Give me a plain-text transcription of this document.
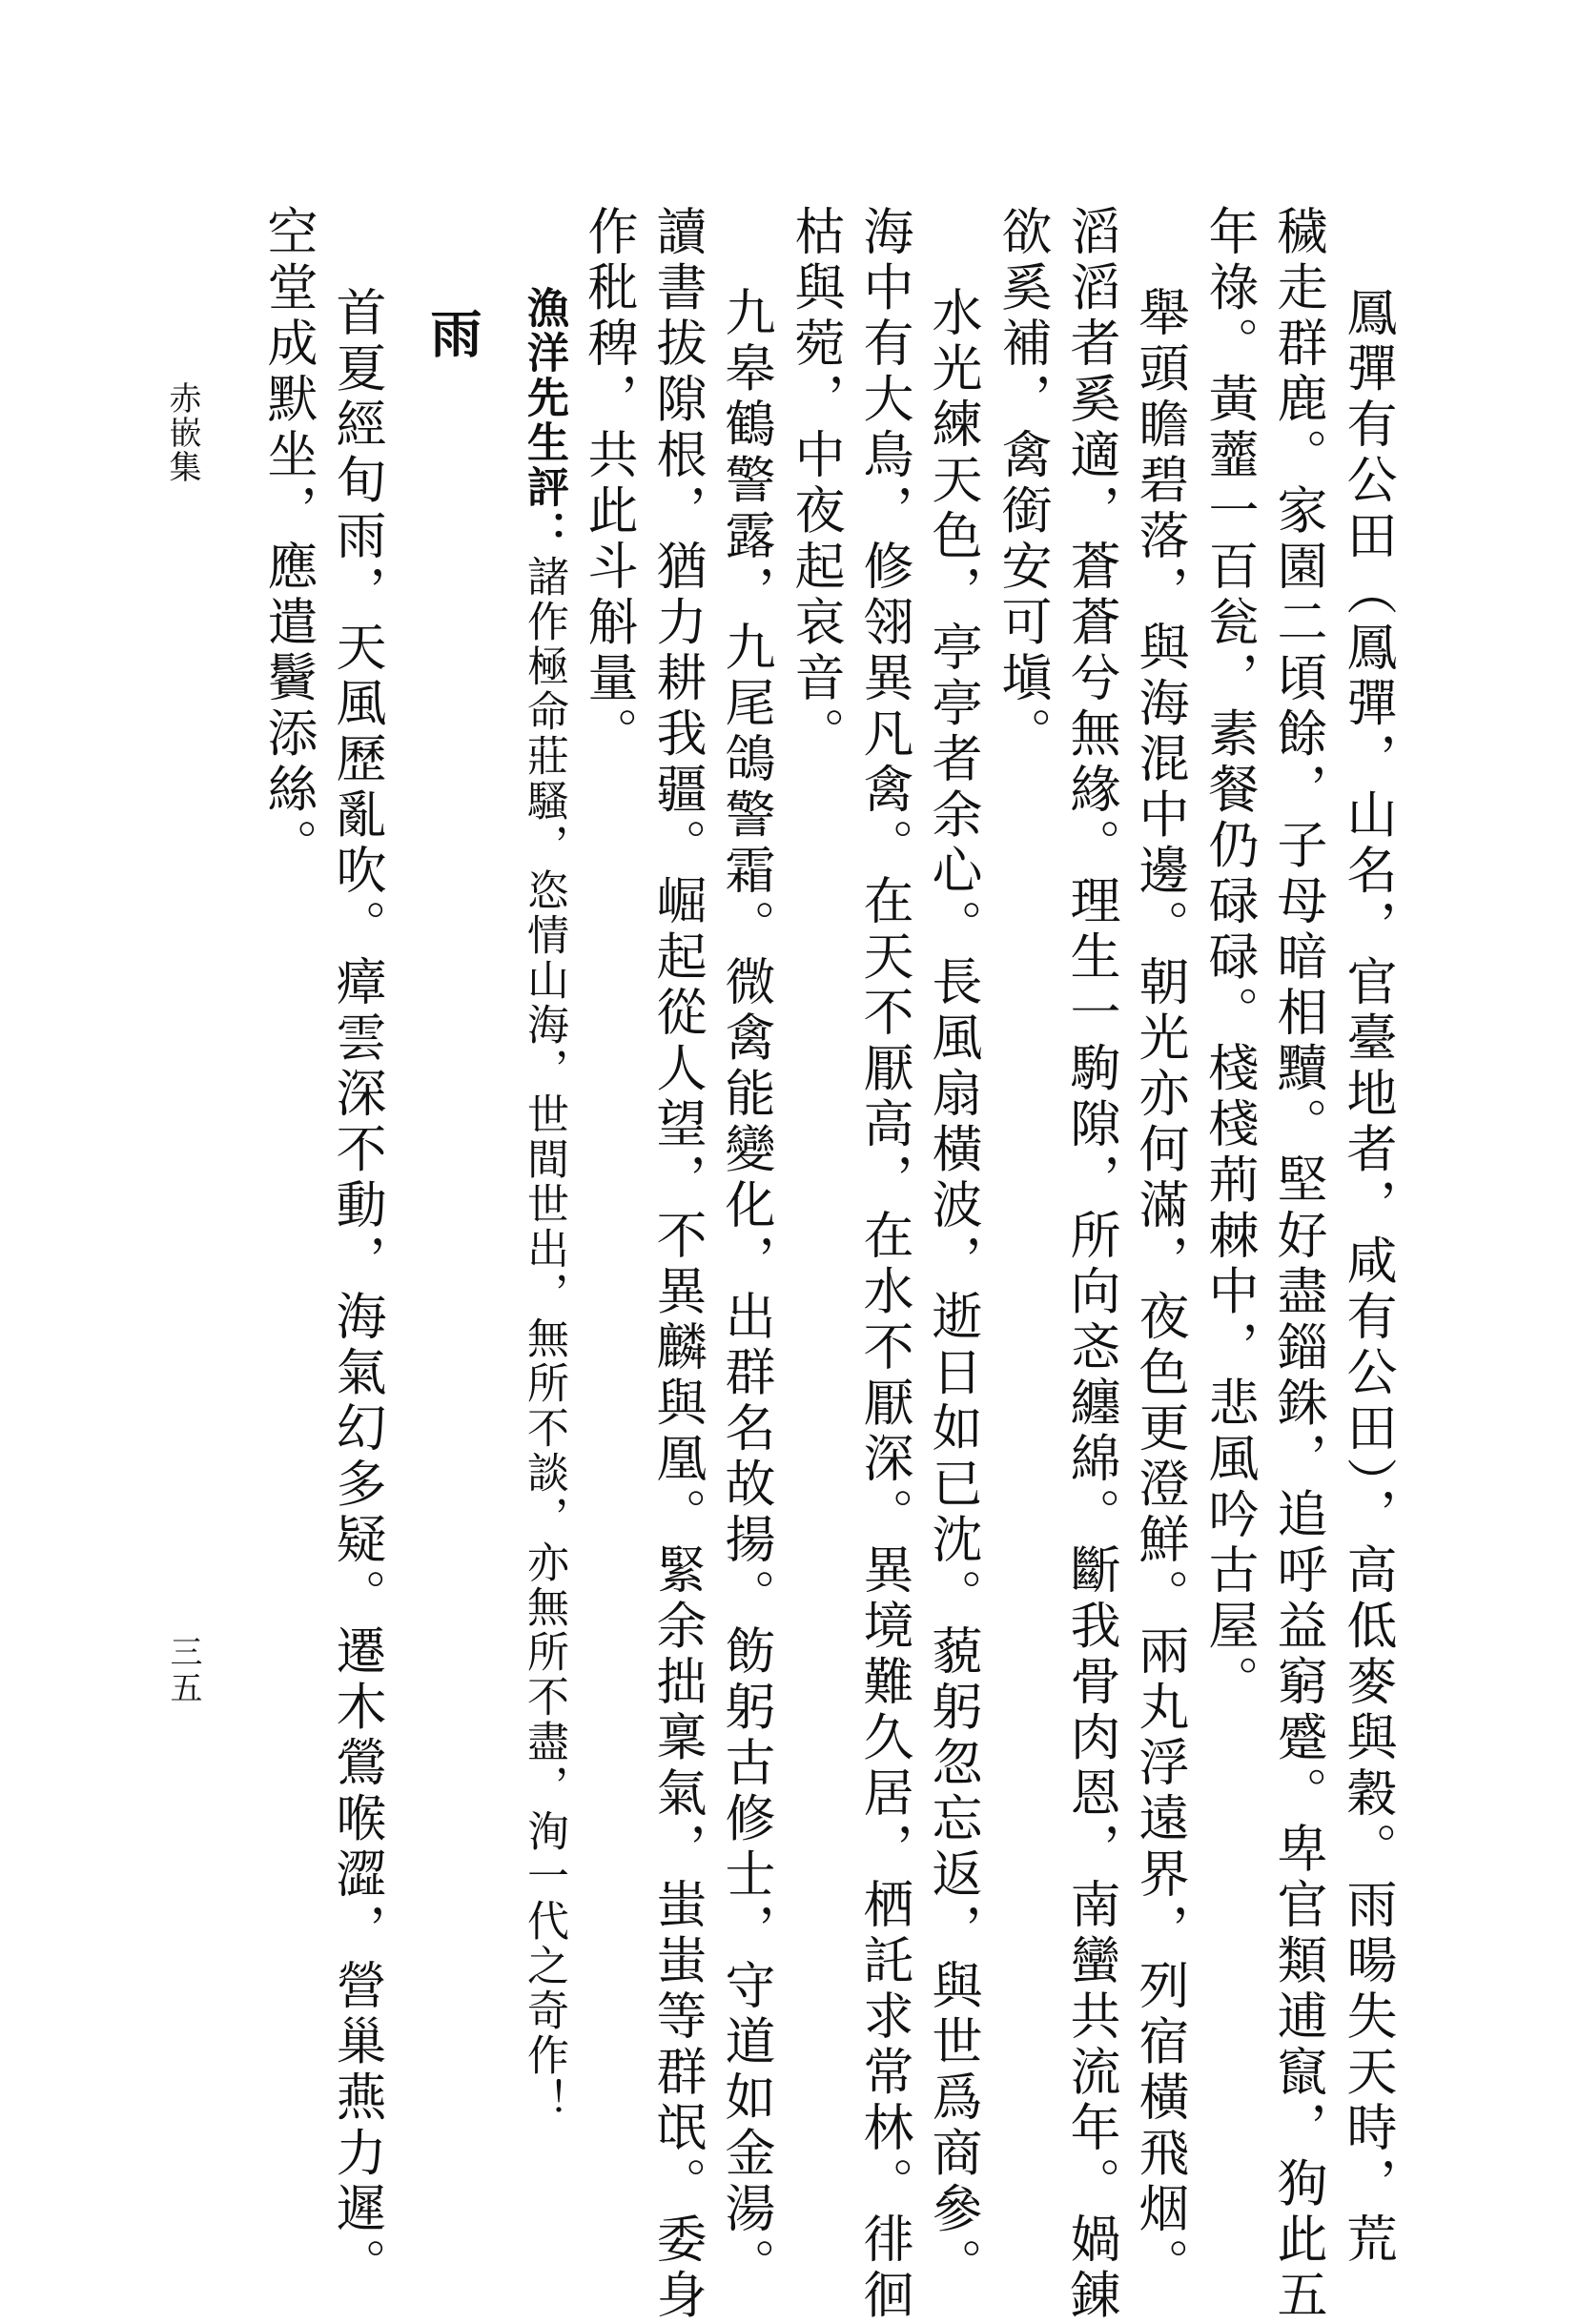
赤嵌集
三五	鳳彈有公田（鳳彈，山名，官臺地者，咸有公田），高低麥與穀。雨暘失天時，荒
穢走群鹿。家園二頃餘，子母暗相黷。堅好盡錙銖，追呼益窮蹙。卑官類逋竄，狗此五
年祿。黃虀一百瓮，素餐仍碌碌。棧棧荊棘中，悲風吟古屋。
舉頭瞻碧落，與海混中邊。朝光亦何滿，夜色更澄鮮。兩丸浮遠界，列宿橫飛烟。
滔滔者奚適，蒼蒼兮無緣。理生一駒隙，所向忞纏綿。斷我骨肉恩，南蠻共流年。媧錬
欲奚補，禽銜安可塡。
水光練天色，亭亭者余心。長風扇橫波，逝日如已沈。藐躬忽忘返，與世爲商參。
海中有大鳥，修翎異凡禽。在天不厭高，在水不厭深。異境難久居，栖託求常林。徘徊
枯與菀，中夜起哀音。
九皋鶴警露，九尾鴿警霜。微禽能變化，出群名故揚。飭躬古修士，守道如金湯。
讀書拔隙根，猶力耕我疆。崛起從人望，不異麟與凰。緊余拙稟氣，蚩蚩等群氓。委身
作秕稗，共此斗斛量。
漁洋先生評：諸作極命莊騷，恣情山海，世間世出，無所不談，亦無所不盡，洵一代之奇作！
雨
首夏經旬雨，天風歷亂吹。瘴雲深不動，海氣幻多疑。遷木鶯喉澀，營巢燕力遲。
空堂成默坐，應遣鬢添絲。
